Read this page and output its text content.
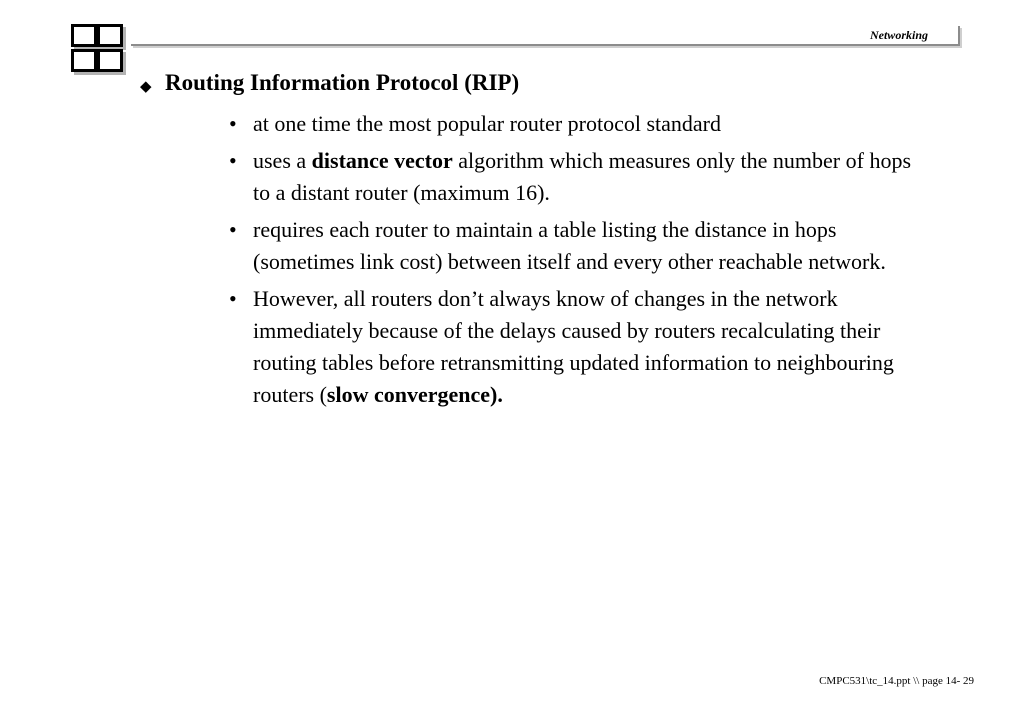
Networking
◆ Routing Information Protocol (RIP)
• at one time the most popular router protocol standard
• uses a distance vector algorithm which measures only the number of hops to a distant router (maximum 16).
• requires each router to maintain a table listing the distance in hops (sometimes link cost) between itself and every other reachable network.
• However, all routers don’t always know of changes in the network immediately because of the delays caused by routers recalculating their routing tables before retransmitting updated information to neighbouring routers (slow convergence).
CMPC531\tc_14.ppt \\ page 14- 29
